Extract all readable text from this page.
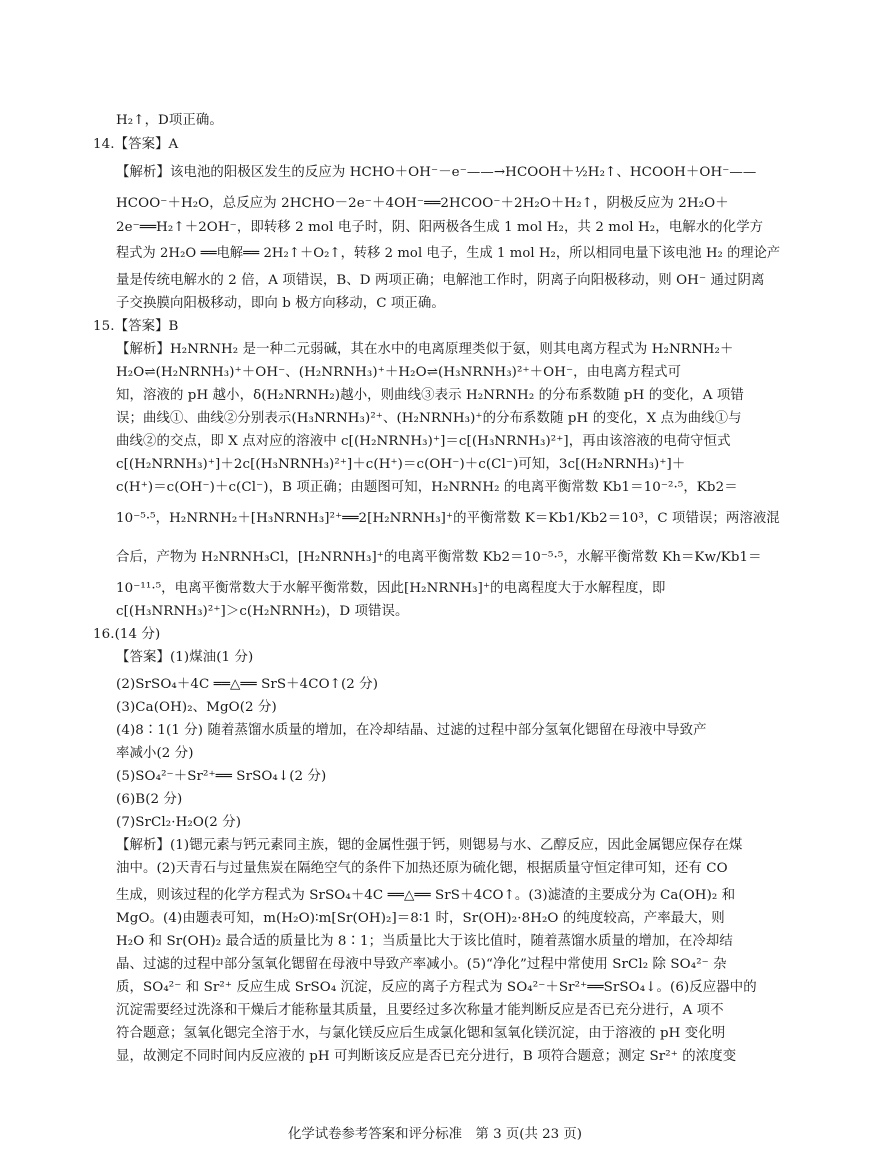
H₂↑，D项正确。
14.【答案】A
【解析】该电池的阳极区发生的反应为 HCHO＋OH⁻－e⁻——→HCOOH＋½H₂↑、HCOOH＋OH⁻——
HCOO⁻＋H₂O，总反应为 2HCHO－2e⁻＋4OH⁻══2HCOO⁻＋2H₂O＋H₂↑，阴极反应为 2H₂O＋
2e⁻══H₂↑＋2OH⁻，即转移 2 mol 电子时，阴、阳两极各生成 1 mol H₂，共 2 mol H₂，电解水的化学方
程式为 2H₂O ══电解══ 2H₂↑＋O₂↑，转移 2 mol 电子，生成 1 mol H₂，所以相同电量下该电池 H₂ 的理论产
量是传统电解水的 2 倍，A 项错误，B、D 两项正确；电解池工作时，阴离子向阳极移动，则 OH⁻ 通过阴离
子交换膜向阳极移动，即向 b 极方向移动，C 项正确。
15.【答案】B
【解析】H₂NRNH₂ 是一种二元弱碱，其在水中的电离原理类似于氨，则其电离方程式为 H₂NRNH₂＋
H₂O⇌(H₂NRNH₃)⁺＋OH⁻、(H₂NRNH₃)⁺＋H₂O⇌(H₃NRNH₃)²⁺＋OH⁻，由电离方程式可
知，溶液的 pH 越小，δ(H₂NRNH₂)越小，则曲线③表示 H₂NRNH₂ 的分布系数随 pH 的变化，A 项错
误；曲线①、曲线②分别表示(H₃NRNH₃)²⁺、(H₂NRNH₃)⁺的分布系数随 pH 的变化，X 点为曲线①与
曲线②的交点，即 X 点对应的溶液中 c[(H₂NRNH₃)⁺]＝c[(H₃NRNH₃)²⁺]，再由该溶液的电荷守恒式
c[(H₂NRNH₃)⁺]＋2c[(H₃NRNH₃)²⁺]＋c(H⁺)＝c(OH⁻)＋c(Cl⁻)可知，3c[(H₂NRNH₃)⁺]＋
c(H⁺)＝c(OH⁻)＋c(Cl⁻)，B 项正确；由题图可知，H₂NRNH₂ 的电离平衡常数 Kb1＝10⁻²·⁵，Kb2＝
10⁻⁵·⁵，H₂NRNH₂＋[H₃NRNH₃]²⁺══2[H₂NRNH₃]⁺的平衡常数 K＝Kb1/Kb2＝10³，C 项错误；两溶液混
合后，产物为 H₂NRNH₃Cl，[H₂NRNH₃]⁺的电离平衡常数 Kb2＝10⁻⁵·⁵，水解平衡常数 Kh＝Kw/Kb1＝
10⁻¹¹·⁵，电离平衡常数大于水解平衡常数，因此[H₂NRNH₃]⁺的电离程度大于水解程度，即
c[(H₃NRNH₃)²⁺]＞c(H₂NRNH₂)，D 项错误。
16.(14 分)
【答案】(1)煤油(1 分)
(2)SrSO₄＋4C ══△══ SrS＋4CO↑(2 分)
(3)Ca(OH)₂、MgO(2 分)
(4)8∶1(1 分) 随着蒸馏水质量的增加，在冷却结晶、过滤的过程中部分氢氧化锶留在母液中导致产
率减小(2 分)
(5)SO₄²⁻＋Sr²⁺══ SrSO₄↓(2 分)
(6)B(2 分)
(7)SrCl₂·H₂O(2 分)
【解析】(1)锶元素与钙元素同主族，锶的金属性强于钙，则锶易与水、乙醇反应，因此金属锶应保存在煤
油中。(2)天青石与过量焦炭在隔绝空气的条件下加热还原为硫化锶，根据质量守恒定律可知，还有 CO
生成，则该过程的化学方程式为 SrSO₄＋4C ══△══ SrS＋4CO↑。(3)滤渣的主要成分为 Ca(OH)₂ 和
MgO。(4)由题表可知，m(H₂O)∶m[Sr(OH)₂]＝8∶1 时，Sr(OH)₂·8H₂O 的纯度较高，产率最大，则
H₂O 和 Sr(OH)₂ 最合适的质量比为 8∶1；当质量比大于该比值时，随着蒸馏水质量的增加，在冷却结
晶、过滤的过程中部分氢氧化锶留在母液中导致产率减小。(5)“净化”过程中常使用 SrCl₂ 除 SO₄²⁻ 杂
质，SO₄²⁻ 和 Sr²⁺ 反应生成 SrSO₄ 沉淀，反应的离子方程式为 SO₄²⁻＋Sr²⁺══SrSO₄↓。(6)反应器中的
沉淀需要经过洗涤和干燥后才能称量其质量，且要经过多次称量才能判断反应是否已充分进行，A 项不
符合题意；氢氧化锶完全溶于水，与氯化镁反应后生成氯化锶和氢氧化镁沉淀，由于溶液的 pH 变化明
显，故测定不同时间内反应液的 pH 可判断该反应是否已充分进行，B 项符合题意；测定 Sr²⁺ 的浓度变
化学试卷参考答案和评分标准　第 3 页(共 23 页)
